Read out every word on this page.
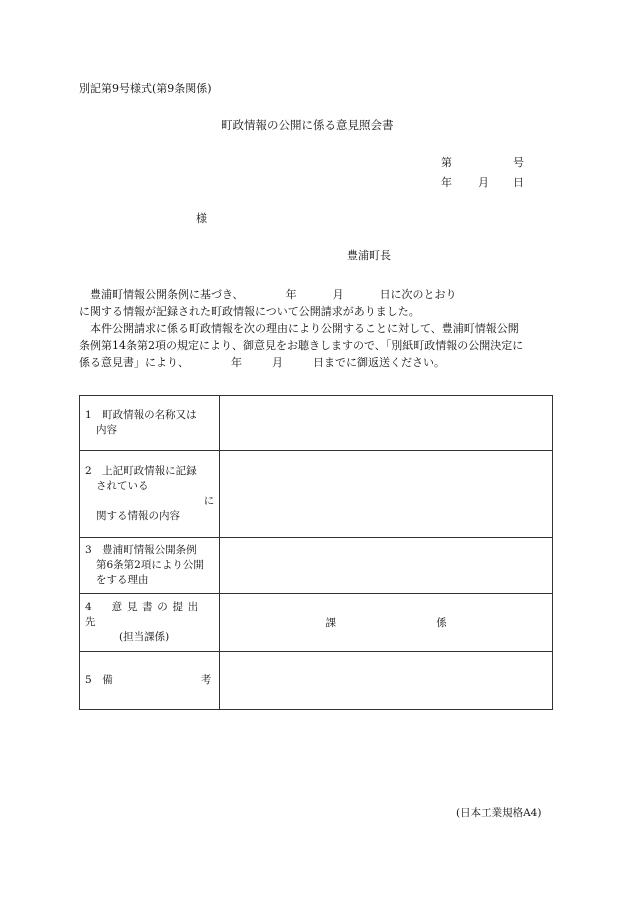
別記第9号様式(第9条関係)
町政情報の公開に係る意見照会書
第	号
年 月 日
様
豊浦町長

　豊浦町情報公開条例に基づき、	年	月	日に次のとおり

に関する情報が記録された町政情報について公開請求がありました。

　本件公開請求に係る町政情報を次の理由により公開することに対して、豊浦町情報公開

条例第14条第2項の規定により、御意見をお聴きしますので、「別紙町政情報の公開決定に

係る意見書」により、	年	月	日までに御返送ください。

1　町政情報の名称又は
内容	

2　上記町政情報に記録
されている
に
関する情報の内容	

3　豊浦町情報公開条例
第6条第2項により公開
をする理由	

4　意見書の提出先
(担当課係)	課 係

5　 備 考	

(日本工業規格A4)
